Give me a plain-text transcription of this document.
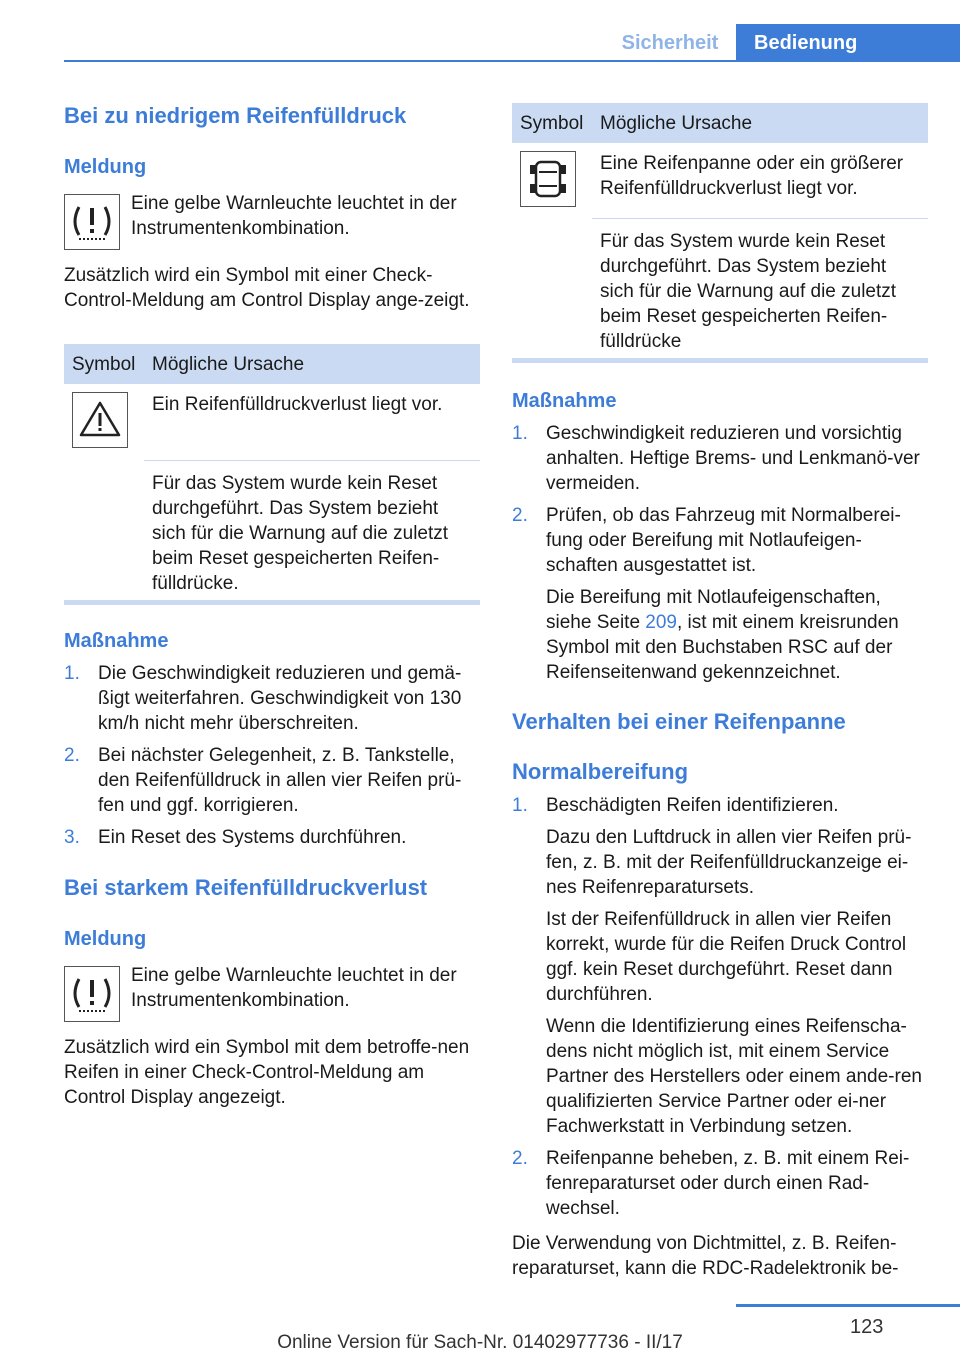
Sicherheit	Bedienung
Bei zu niedrigem Reifenfülldruck
Meldung
Eine gelbe Warnleuchte leuchtet in der Instrumentenkombination.
Zusätzlich wird ein Symbol mit einer Check-Control-Meldung am Control Display ange-zeigt.
Symbol	Mögliche Ursache

	Ein Reifenfülldruckverlust liegt vor.
	Für das System wurde kein Reset durchgeführt. Das System bezieht sich für die Warnung auf die zuletzt beim Reset gespeicherten Reifen-fülldrücke.
Maßnahme
1. Die Geschwindigkeit reduzieren und gemä-ßigt weiterfahren. Geschwindigkeit von 130 km/h nicht mehr überschreiten.
2. Bei nächster Gelegenheit, z. B. Tankstelle, den Reifenfülldruck in allen vier Reifen prü-fen und ggf. korrigieren.
3. Ein Reset des Systems durchführen.
Bei starkem Reifenfülldruckverlust
Meldung
Eine gelbe Warnleuchte leuchtet in der Instrumentenkombination.
Zusätzlich wird ein Symbol mit dem betroffe-nen Reifen in einer Check-Control-Meldung am Control Display angezeigt.
Symbol	Mögliche Ursache

	Eine Reifenpanne oder ein größerer Reifenfülldruckverlust liegt vor.
	Für das System wurde kein Reset durchgeführt. Das System bezieht sich für die Warnung auf die zuletzt beim Reset gespeicherten Reifen-fülldrücke
Maßnahme
1. Geschwindigkeit reduzieren und vorsichtig anhalten. Heftige Brems- und Lenkmanö-ver vermeiden.
2. Prüfen, ob das Fahrzeug mit Normalberei-fung oder Bereifung mit Notlaufeigen-schaften ausgestattet ist.
Die Bereifung mit Notlaufeigenschaften, siehe Seite 209, ist mit einem kreisrunden Symbol mit den Buchstaben RSC auf der Reifenseitenwand gekennzeichnet.
Verhalten bei einer Reifenpanne
Normalbereifung
1. Beschädigten Reifen identifizieren.
Dazu den Luftdruck in allen vier Reifen prü-fen, z. B. mit der Reifenfülldruckanzeige ei-nes Reifenreparatursets.
Ist der Reifenfülldruck in allen vier Reifen korrekt, wurde für die Reifen Druck Control ggf. kein Reset durchgeführt. Reset dann durchführen.
Wenn die Identifizierung eines Reifenscha-dens nicht möglich ist, mit einem Service Partner des Herstellers oder einem ande-ren qualifizierten Service Partner oder ei-ner Fachwerkstatt in Verbindung setzen.
2. Reifenpanne beheben, z. B. mit einem Rei-fenreparaturset oder durch einen Rad-wechsel.
Die Verwendung von Dichtmittel, z. B. Reifen-reparaturset, kann die RDC-Radelektronik be-
123
Online Version für Sach-Nr. 01402977736 - II/17
